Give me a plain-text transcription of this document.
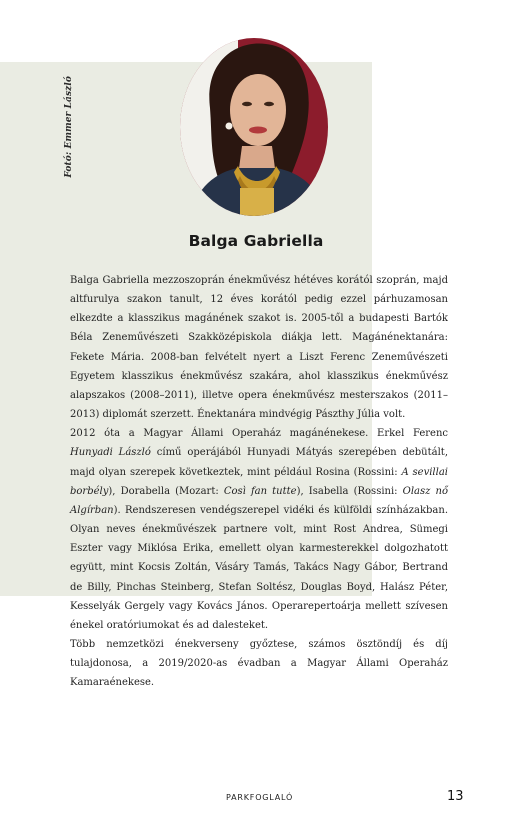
Fotó: Emmer László
Balga Gabriella

Balga Gabriella mezzoszoprán énekművész hétéves korától szoprán, majd altfurulya szakon tanult, 12 éves korától pedig ezzel párhuzamosan elkezdte a klasszikus magánének szakot is. 2005-től a budapesti Bartók Béla Zeneművészeti Szakközépiskola diákja lett. Magánénektanára: Fekete Mária. 2008-ban felvételt nyert a Liszt Ferenc Zeneművészeti Egyetem klasszikus énekművész szakára, ahol klasszikus énekművész alapszakos (2008–2011), illetve opera énekművész mesterszakos (2011–2013) diplomát szerzett. Énektanára mindvégig Pászthy Júlia volt.

2012 óta a Magyar Állami Operaház magánénekese. Erkel Ferenc Hunyadi László című operájából Hunyadi Mátyás szerepében debütált, majd olyan szerepek következtek, mint például Rosina (Rossini: A sevillai borbély), Dorabella (Mozart: Così fan tutte), Isabella (Rossini: Olasz nő Algírban). Rendszeresen vendégszerepel vidéki és külföldi színházakban. Olyan neves énekművészek partnere volt, mint Rost Andrea, Sümegi Eszter vagy Miklósa Erika, emellett olyan karmesterekkel dolgozhatott együtt, mint Kocsis Zoltán, Vásáry Tamás, Takács Nagy Gábor, Bertrand de Billy, Pinchas Steinberg, Stefan Soltész, Douglas Boyd, Halász Péter, Kesselyák Gergely vagy Kovács János. Operarepertoárja mellett szívesen énekel oratóriumokat és ad dalesteket.

Több nemzetközi énekverseny győztese, számos ösztöndíj és díj tulajdonosa, a 2019/2020-as évadban a Magyar Állami Operaház Kamaraénekese.

PARKFOGLALÓ	13
